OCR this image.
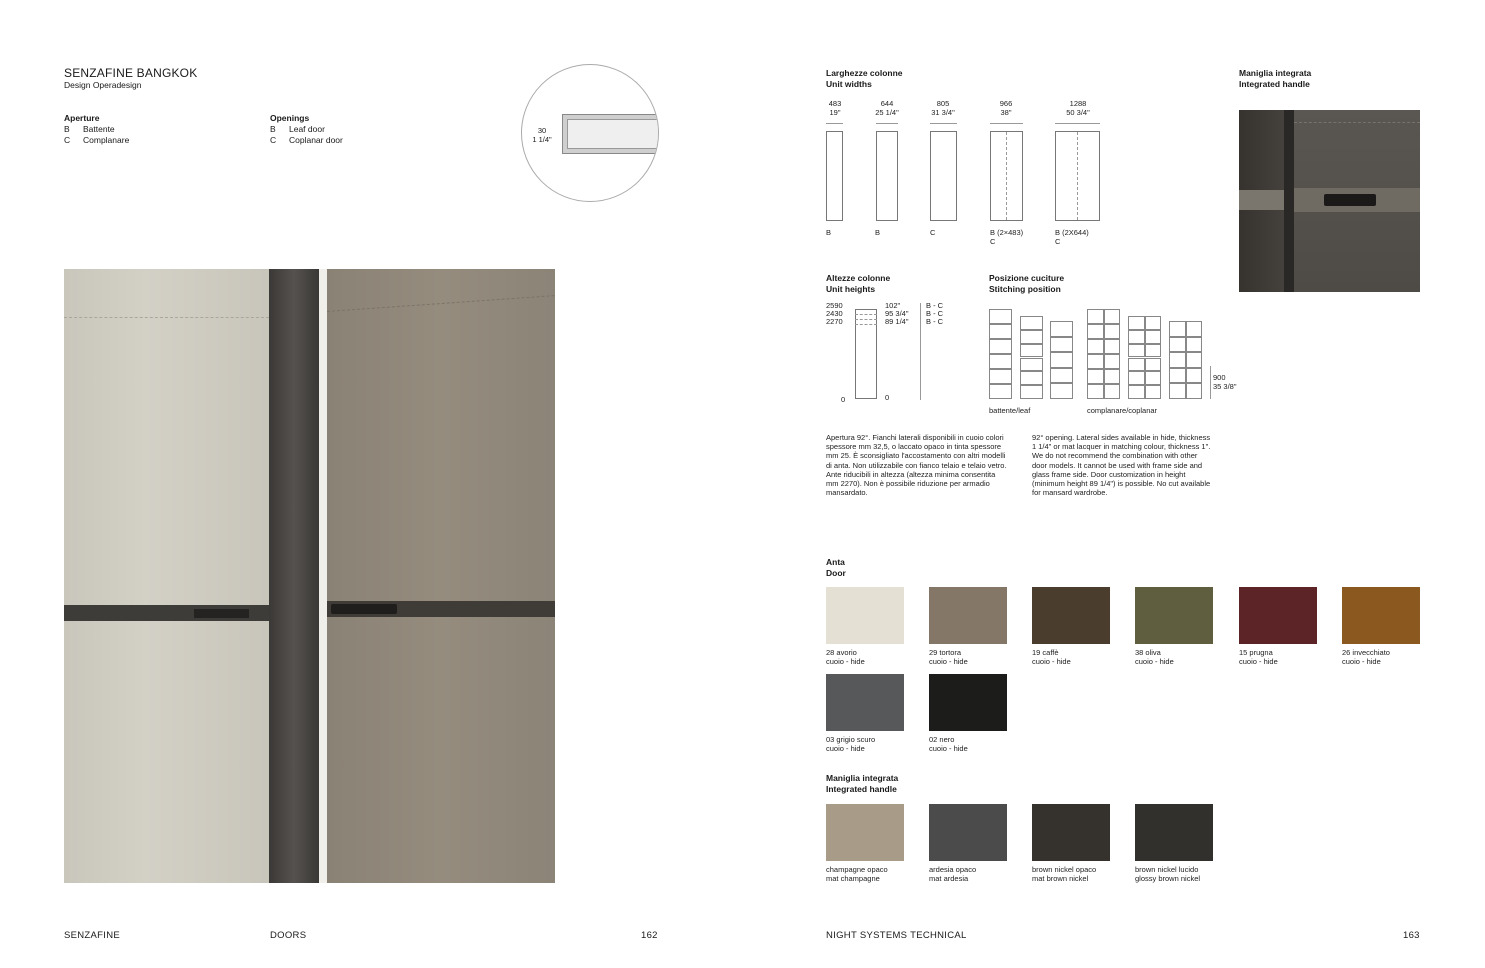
SENZAFINE BANGKOK
Design Operadesign
Aperture
B Battente
C Complanare
Openings
B Leaf door
C Coplanar door
30
1 1/4"
SENZAFINE	DOORS	162
Larghezze colonne
Unit widths
483
19"
B
644
25 1/4"
B
805
31 3/4"
C
966
38"
B (2×483)
C
1288
50 3/4"
B (2X644)
C
Maniglia integrata
Integrated handle
Altezze colonne
Unit heights
2590
2430
2270
102"
95 3/4"
89 1/4"
B - C
B - C
B - C
0	0
Posizione cuciture
Stitching position
900
35 3/8"
battente/leaf	complanare/coplanar

Apertura 92°. Fianchi laterali disponibili in cuoio colori spessore mm 32,5, o laccato opaco in tinta spessore mm 25. È sconsigliato l'accostamento con altri modelli di anta. Non utilizzabile con fianco telaio e telaio vetro. Ante riducibili in altezza (altezza minima consentita mm 2270). Non è possibile riduzione per armadio mansardato.

92° opening. Lateral sides available in hide, thickness 1 1/4" or mat lacquer in matching colour, thickness 1". We do not recommend the combination with other door models. It cannot be used with frame side and glass frame side. Door customization in height (minimum height 89 1/4") is possible. No cut available for mansard wardrobe.

Anta
Door
28 avorio
cuoio - hide
29 tortora
cuoio - hide
19 caffè
cuoio - hide
38 oliva
cuoio - hide
15 prugna
cuoio - hide
26 invecchiato
cuoio - hide
03 grigio scuro
cuoio - hide
02 nero
cuoio - hide
Maniglia integrata
Integrated handle
champagne opaco
mat champagne
ardesia opaco
mat ardesia
brown nickel opaco
mat brown nickel
brown nickel lucido
glossy brown nickel
NIGHT SYSTEMS TECHNICAL	163
